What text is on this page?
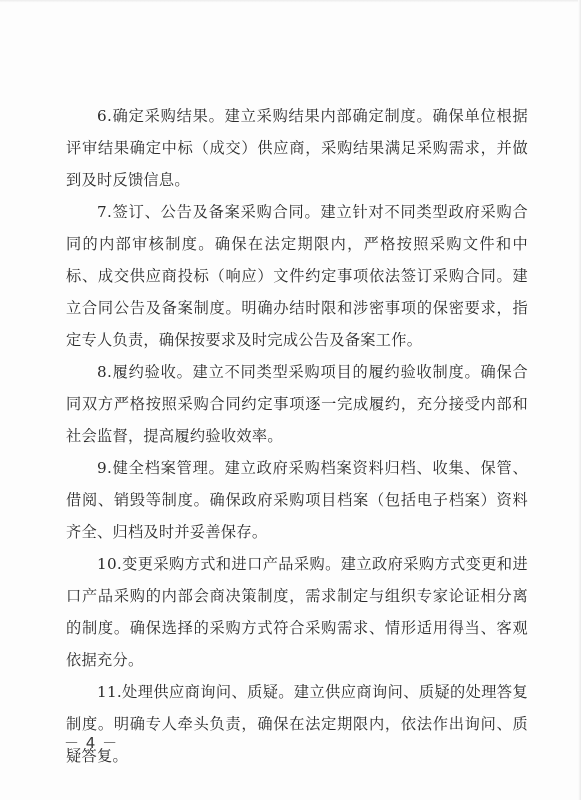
6.确定采购结果。建立采购结果内部确定制度。确保单位根据评审结果确定中标（成交）供应商，采购结果满足采购需求，并做到及时反馈信息。

7.签订、公告及备案采购合同。建立针对不同类型政府采购合同的内部审核制度。确保在法定期限内，严格按照采购文件和中标、成交供应商投标（响应）文件约定事项依法签订采购合同。建立合同公告及备案制度。明确办结时限和涉密事项的保密要求，指定专人负责，确保按要求及时完成公告及备案工作。

8.履约验收。建立不同类型采购项目的履约验收制度。确保合同双方严格按照采购合同约定事项逐一完成履约，充分接受内部和社会监督，提高履约验收效率。

9.健全档案管理。建立政府采购档案资料归档、收集、保管、借阅、销毁等制度。确保政府采购项目档案（包括电子档案）资料齐全、归档及时并妥善保存。

10.变更采购方式和进口产品采购。建立政府采购方式变更和进口产品采购的内部会商决策制度，需求制定与组织专家论证相分离的制度。确保选择的采购方式符合采购需求、情形适用得当、客观依据充分。

11.处理供应商询问、质疑。建立供应商询问、质疑的处理答复制度。明确专人牵头负责，确保在法定期限内，依法作出询问、质疑答复。

－ 4 －
